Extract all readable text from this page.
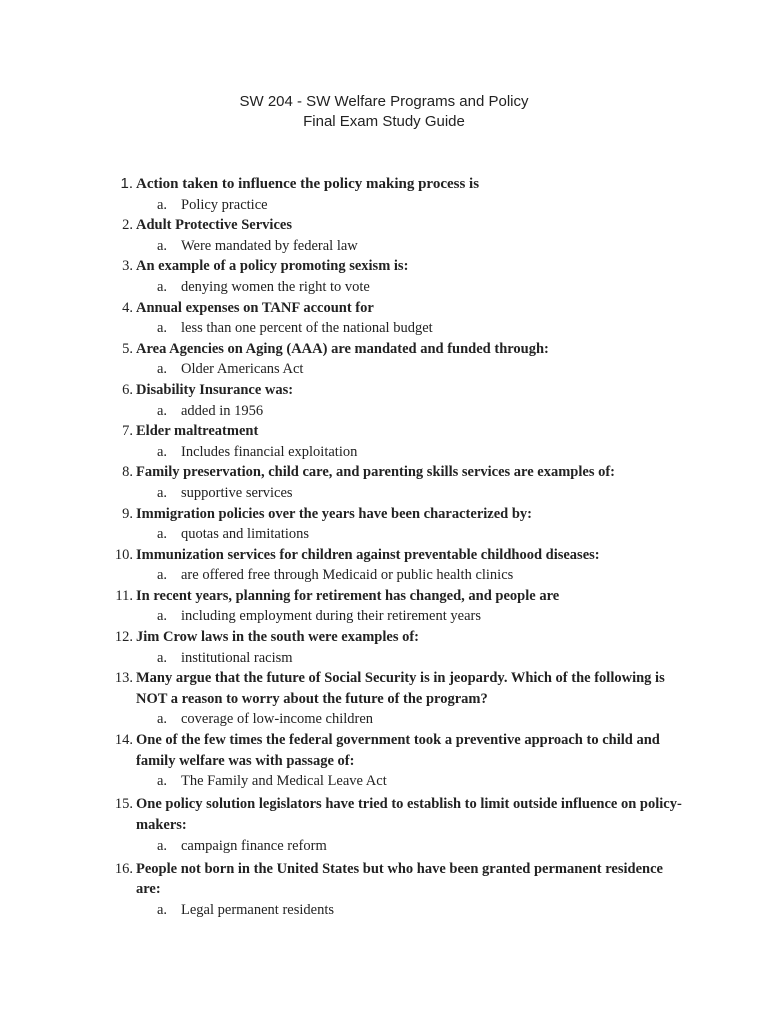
SW 204 - SW Welfare Programs and Policy
Final Exam Study Guide
1. Action taken to influence the policy making process is
a. Policy practice
2. Adult Protective Services
a. Were mandated by federal law
3. An example of a policy promoting sexism is:
a. denying women the right to vote
4. Annual expenses on TANF account for
a. less than one percent of the national budget
5. Area Agencies on Aging (AAA) are mandated and funded through:
a. Older Americans Act
6. Disability Insurance was:
a. added in 1956
7. Elder maltreatment
a. Includes financial exploitation
8. Family preservation, child care, and parenting skills services are examples of:
a. supportive services
9. Immigration policies over the years have been characterized by:
a. quotas and limitations
10. Immunization services for children against preventable childhood diseases:
a. are offered free through Medicaid or public health clinics
11. In recent years, planning for retirement has changed, and people are
a. including employment during their retirement years
12. Jim Crow laws in the south were examples of:
a. institutional racism
13. Many argue that the future of Social Security is in jeopardy. Which of the following is NOT a reason to worry about the future of the program?
a. coverage of low-income children
14. One of the few times the federal government took a preventive approach to child and family welfare was with passage of:
a. The Family and Medical Leave Act
15. One policy solution legislators have tried to establish to limit outside influence on policy-makers:
a. campaign finance reform
16. People not born in the United States but who have been granted permanent residence are:
a. Legal permanent residents
